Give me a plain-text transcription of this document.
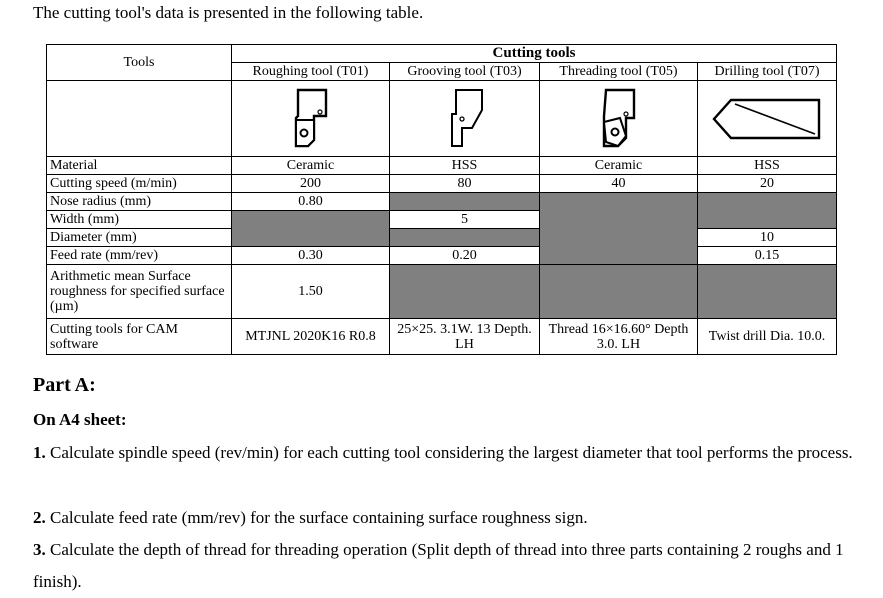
The cutting tool's data is presented in the following table.

Tools	Cutting tools			
	Roughing tool (T01)	Grooving tool (T03)	Threading tool (T05)	Drilling tool (T07)

Material	Ceramic	HSS	Ceramic	HSS
Cutting speed (m/min)	200	80	40	20
Nose radius (mm)	0.80			
Width (mm)		5		
Diameter (mm)				10
Feed rate (mm/rev)	0.30	0.20		0.15
Arithmetic mean Surface roughness for specified surface (µm)	1.50			
Cutting tools for CAM software	MTJNL 2020K16 R0.8	25×25. 3.1W. 13 Depth. LH	Thread 16×16.60° Depth 3.0. LH	Twist drill Dia. 10.0.

Part A:

On A4 sheet:

1. Calculate spindle speed (rev/min) for each cutting tool considering the largest diameter that tool performs the process.

2. Calculate feed rate (mm/rev) for the surface containing surface roughness sign.

3. Calculate the depth of thread for threading operation (Split depth of thread into three parts containing 2 roughs and 1 finish).
